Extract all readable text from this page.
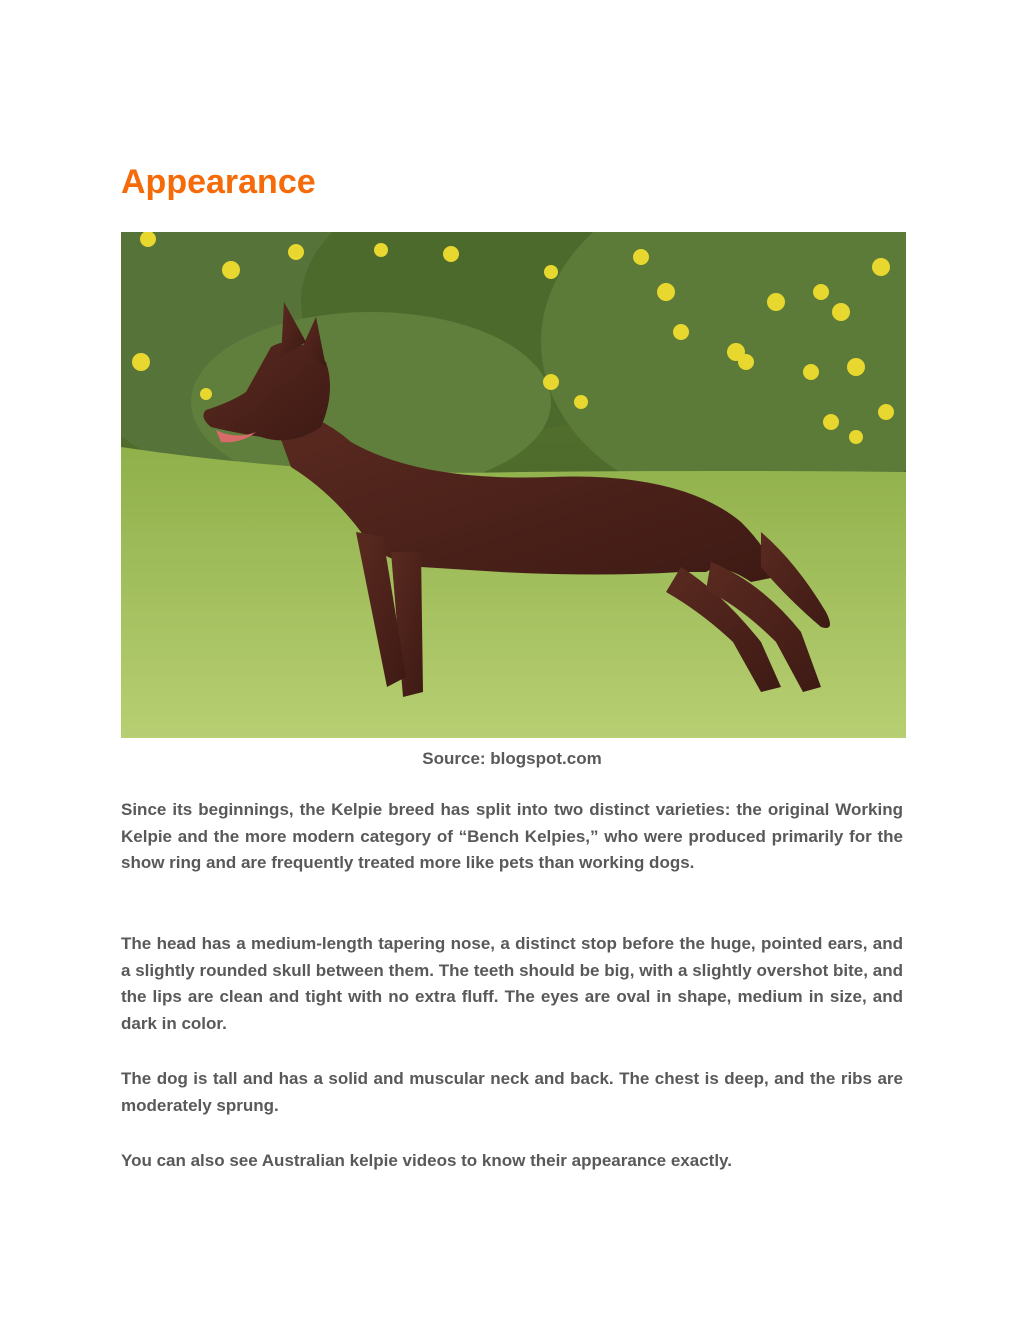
Appearance
Source: blogspot.com

Since its beginnings, the Kelpie breed has split into two distinct varieties: the original Working Kelpie and the more modern category of “Bench Kelpies,” who were produced primarily for the show ring and are frequently treated more like pets than working dogs.

The head has a medium-length tapering nose, a distinct stop before the huge, pointed ears, and a slightly rounded skull between them. The teeth should be big, with a slightly overshot bite, and the lips are clean and tight with no extra fluff. The eyes are oval in shape, medium in size, and dark in color.

The dog is tall and has a solid and muscular neck and back. The chest is deep, and the ribs are moderately sprung.

You can also see Australian kelpie videos to know their appearance exactly.
